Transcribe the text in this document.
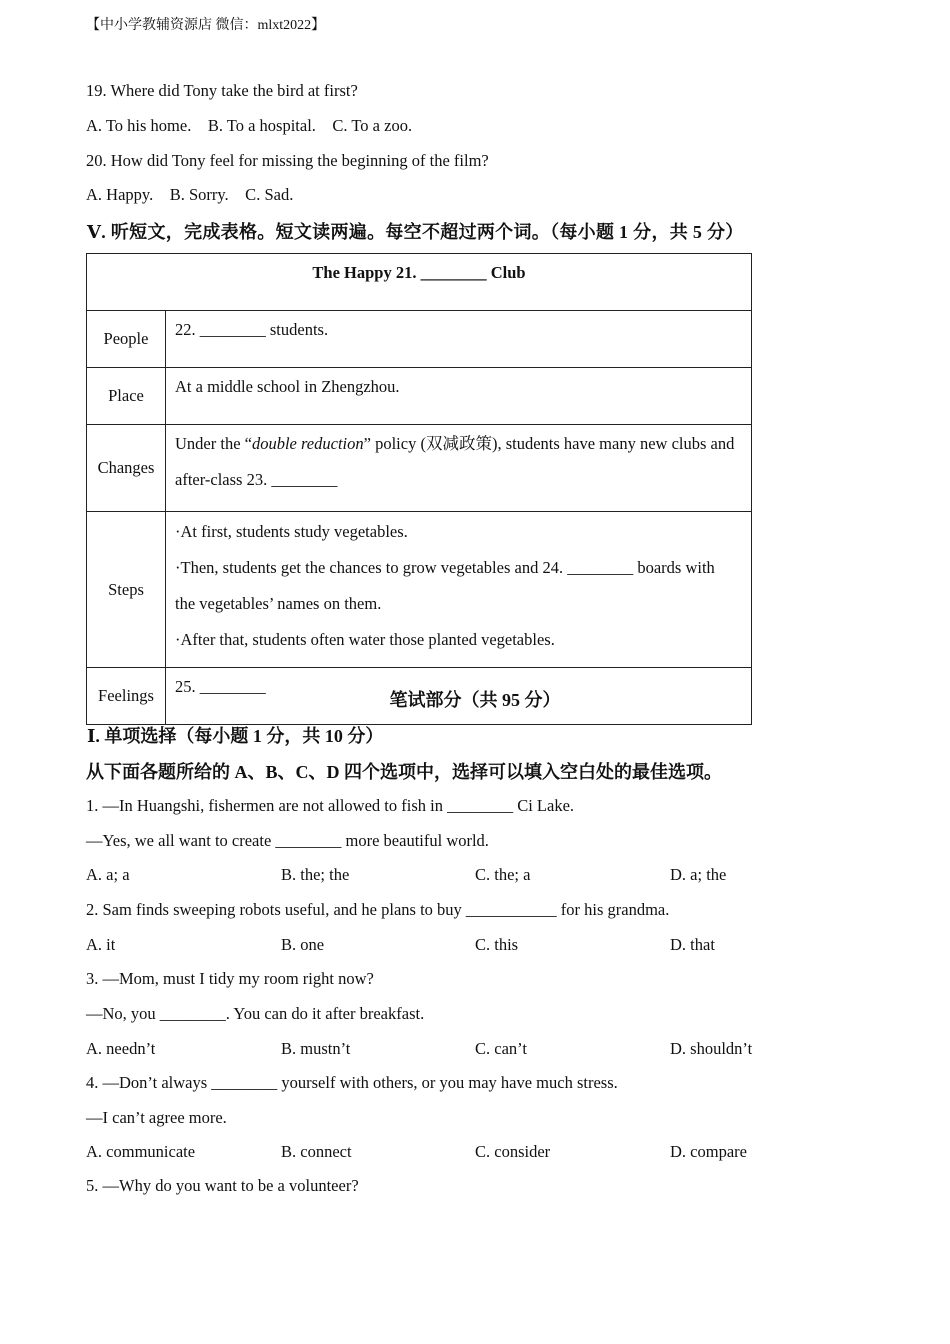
【中小学教辅资源店 微信：mlxt2022】
19. Where did Tony take the bird at first?
A. To his home.    B. To a hospital.    C. To a zoo.
20. How did Tony feel for missing the beginning of the film?
A. Happy.    B. Sorry.    C. Sad.
Ⅴ. 听短文，完成表格。短文读两遍。每空不超过两个词。（每小题 1 分，共 5 分）
The Happy 21. ________ Club	
People	22. ________ students.
Place	At a middle school in Zhengzhou.
Changes	Under the “double reduction” policy (双减政策), students have many new clubs and
after-class 23. ________

Steps	·At first, students study vegetables.
·Then, students get the chances to grow vegetables and 24. ________ boards with
the vegetables’ names on them.
·After that, students often water those planted vegetables.

Feelings	25. ________
笔试部分（共 95 分）
Ⅰ. 单项选择（每小题 1 分，共 10 分）
从下面各题所给的 A、B、C、D 四个选项中，选择可以填入空白处的最佳选项。
1. —In Huangshi, fishermen are not allowed to fish in ________ Ci Lake.
—Yes, we all want to create ________ more beautiful world.
A. a; a	B. the; the	C. the; a	D. a; the
2. Sam finds sweeping robots useful, and he plans to buy ___________ for his grandma.
A. it	B. one	C. this	D. that
3. —Mom, must I tidy my room right now?
—No, you ________. You can do it after breakfast.
A. needn’t	B. mustn’t	C. can’t	D. shouldn’t
4. —Don’t always ________ yourself with others, or you may have much stress.
—I can’t agree more.
A. communicate	B. connect	C. consider	D. compare
5. —Why do you want to be a volunteer?
